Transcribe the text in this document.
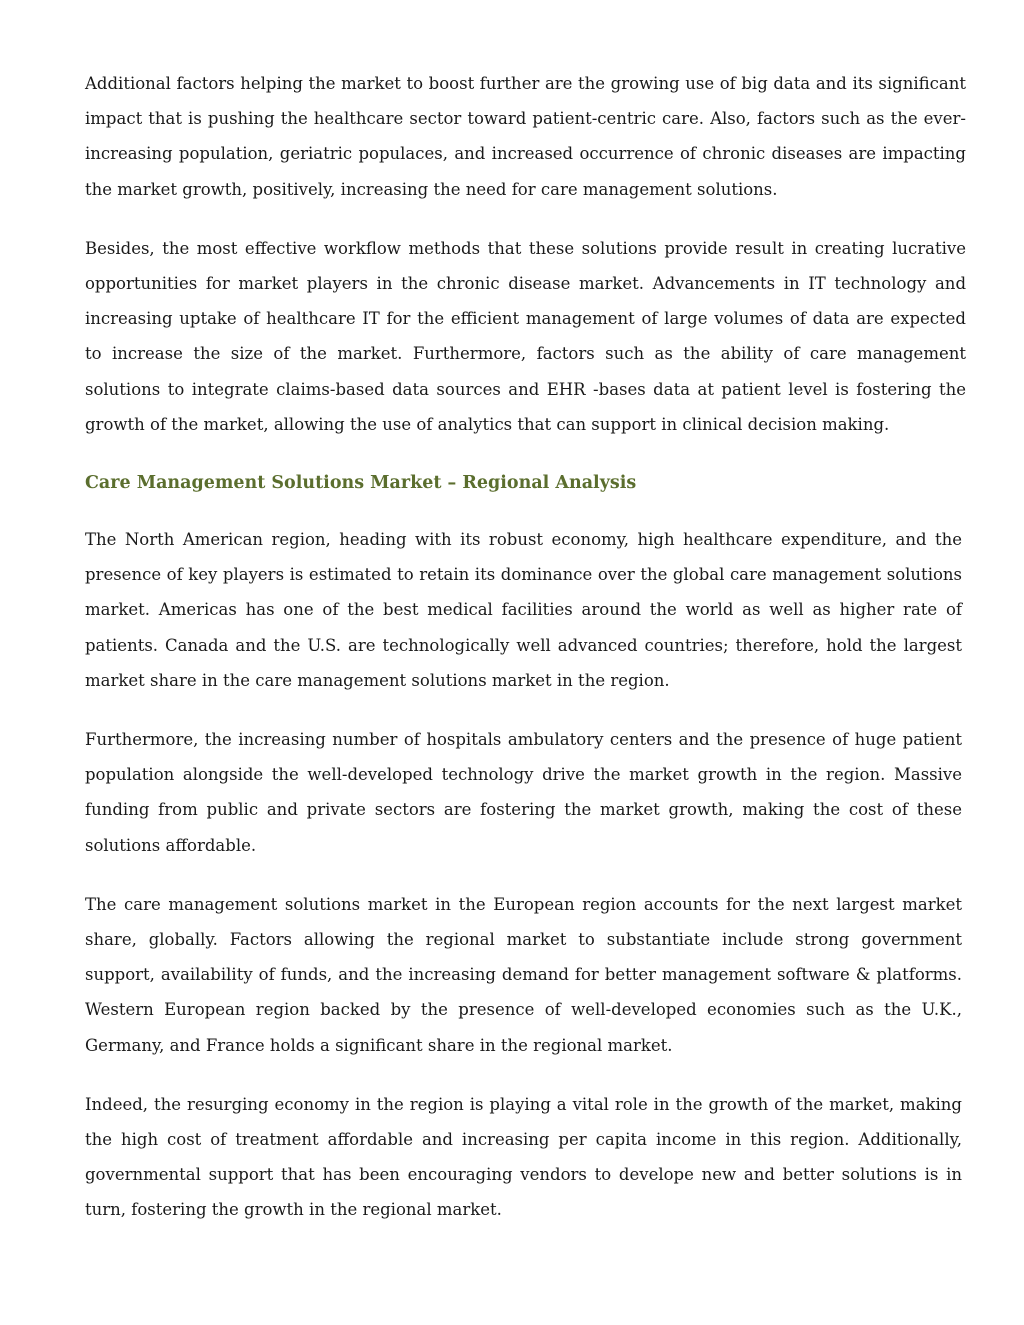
Additional factors helping the market to boost further are the growing use of big data and its significant impact that is pushing the healthcare sector toward patient-centric care. Also, factors such as the ever-increasing population, geriatric populaces, and increased occurrence of chronic diseases are impacting the market growth, positively, increasing the need for care management solutions.

Besides, the most effective workflow methods that these solutions provide result in creating lucrative opportunities for market players in the chronic disease market. Advancements in IT technology and increasing uptake of healthcare IT for the efficient management of large volumes of data are expected to increase the size of the market. Furthermore, factors such as the ability of care management solutions to integrate claims-based data sources and EHR -bases data at patient level is fostering the growth of the market, allowing the use of analytics that can support in clinical decision making.

Care Management Solutions Market – Regional Analysis

The North American region, heading with its robust economy, high healthcare expenditure, and the presence of key players is estimated to retain its dominance over the global care management solutions market. Americas has one of the best medical facilities around the world as well as higher rate of patients. Canada and the U.S. are technologically well advanced countries; therefore, hold the largest market share in the care management solutions market in the region.

Furthermore, the increasing number of hospitals ambulatory centers and the presence of huge patient population alongside the well-developed technology drive the market growth in the region. Massive funding from public and private sectors are fostering the market growth, making the cost of these solutions affordable.

The care management solutions market in the European region accounts for the next largest market share, globally. Factors allowing the regional market to substantiate include strong government support, availability of funds, and the increasing demand for better management software & platforms. Western European region backed by the presence of well-developed economies such as the U.K., Germany, and France holds a significant share in the regional market.

Indeed, the resurging economy in the region is playing a vital role in the growth of the market, making the high cost of treatment affordable and increasing per capita income in this region. Additionally, governmental support that has been encouraging vendors to develope new and better solutions is in turn, fostering the growth in the regional market.
